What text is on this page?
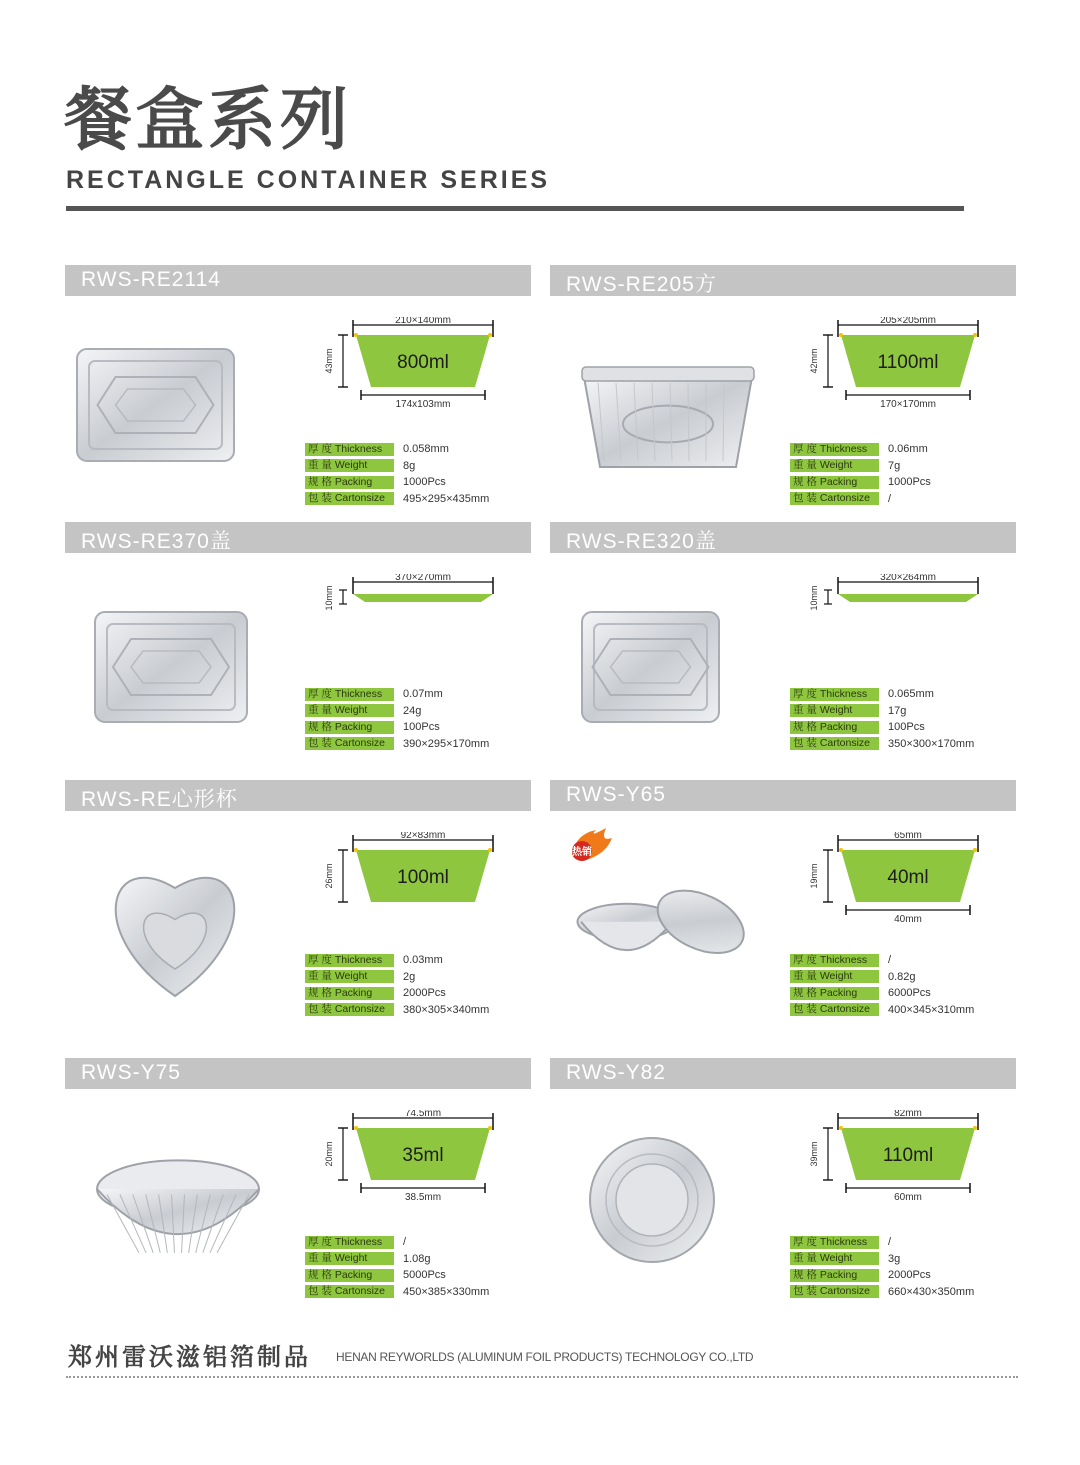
餐盒系列
RECTANGLE CONTAINER SERIES
RWS-RE2114
210×140mm
800ml
43mm
174x103mm
厚 度 Thickness	0.058mm
重 量 Weight	8g
规 格 Packing	1000Pcs
包 装 Cartonsize	495×295×435mm
RWS-RE205方
205×205mm
1100ml
42mm
170×170mm
厚 度 Thickness	0.06mm
重 量 Weight	7g
规 格 Packing	1000Pcs
包 装 Cartonsize	/
RWS-RE370盖
370×270mm
10mm
厚 度 Thickness	0.07mm
重 量 Weight	24g
规 格 Packing	100Pcs
包 装 Cartonsize	390×295×170mm
RWS-RE320盖
320×264mm
10mm
厚 度 Thickness	0.065mm
重 量 Weight	17g
规 格 Packing	100Pcs
包 装 Cartonsize	350×300×170mm
RWS-RE心形杯
92×83mm
100ml
26mm
厚 度 Thickness	0.03mm
重 量 Weight	2g
规 格 Packing	2000Pcs
包 装 Cartonsize	380×305×340mm
RWS-Y65
热销
65mm
40ml
19mm
40mm
厚 度 Thickness	/
重 量 Weight	0.82g
规 格 Packing	6000Pcs
包 装 Cartonsize	400×345×310mm
RWS-Y75
74.5mm
35ml
20mm
38.5mm
厚 度 Thickness	/
重 量 Weight	1.08g
规 格 Packing	5000Pcs
包 装 Cartonsize	450×385×330mm
RWS-Y82
82mm
110ml
39mm
60mm
厚 度 Thickness	/
重 量 Weight	3g
规 格 Packing	2000Pcs
包 装 Cartonsize	660×430×350mm
郑州雷沃滋铝箔制品 HENAN REYWORLDS (ALUMINUM FOIL PRODUCTS) TECHNOLOGY CO.,LTD
